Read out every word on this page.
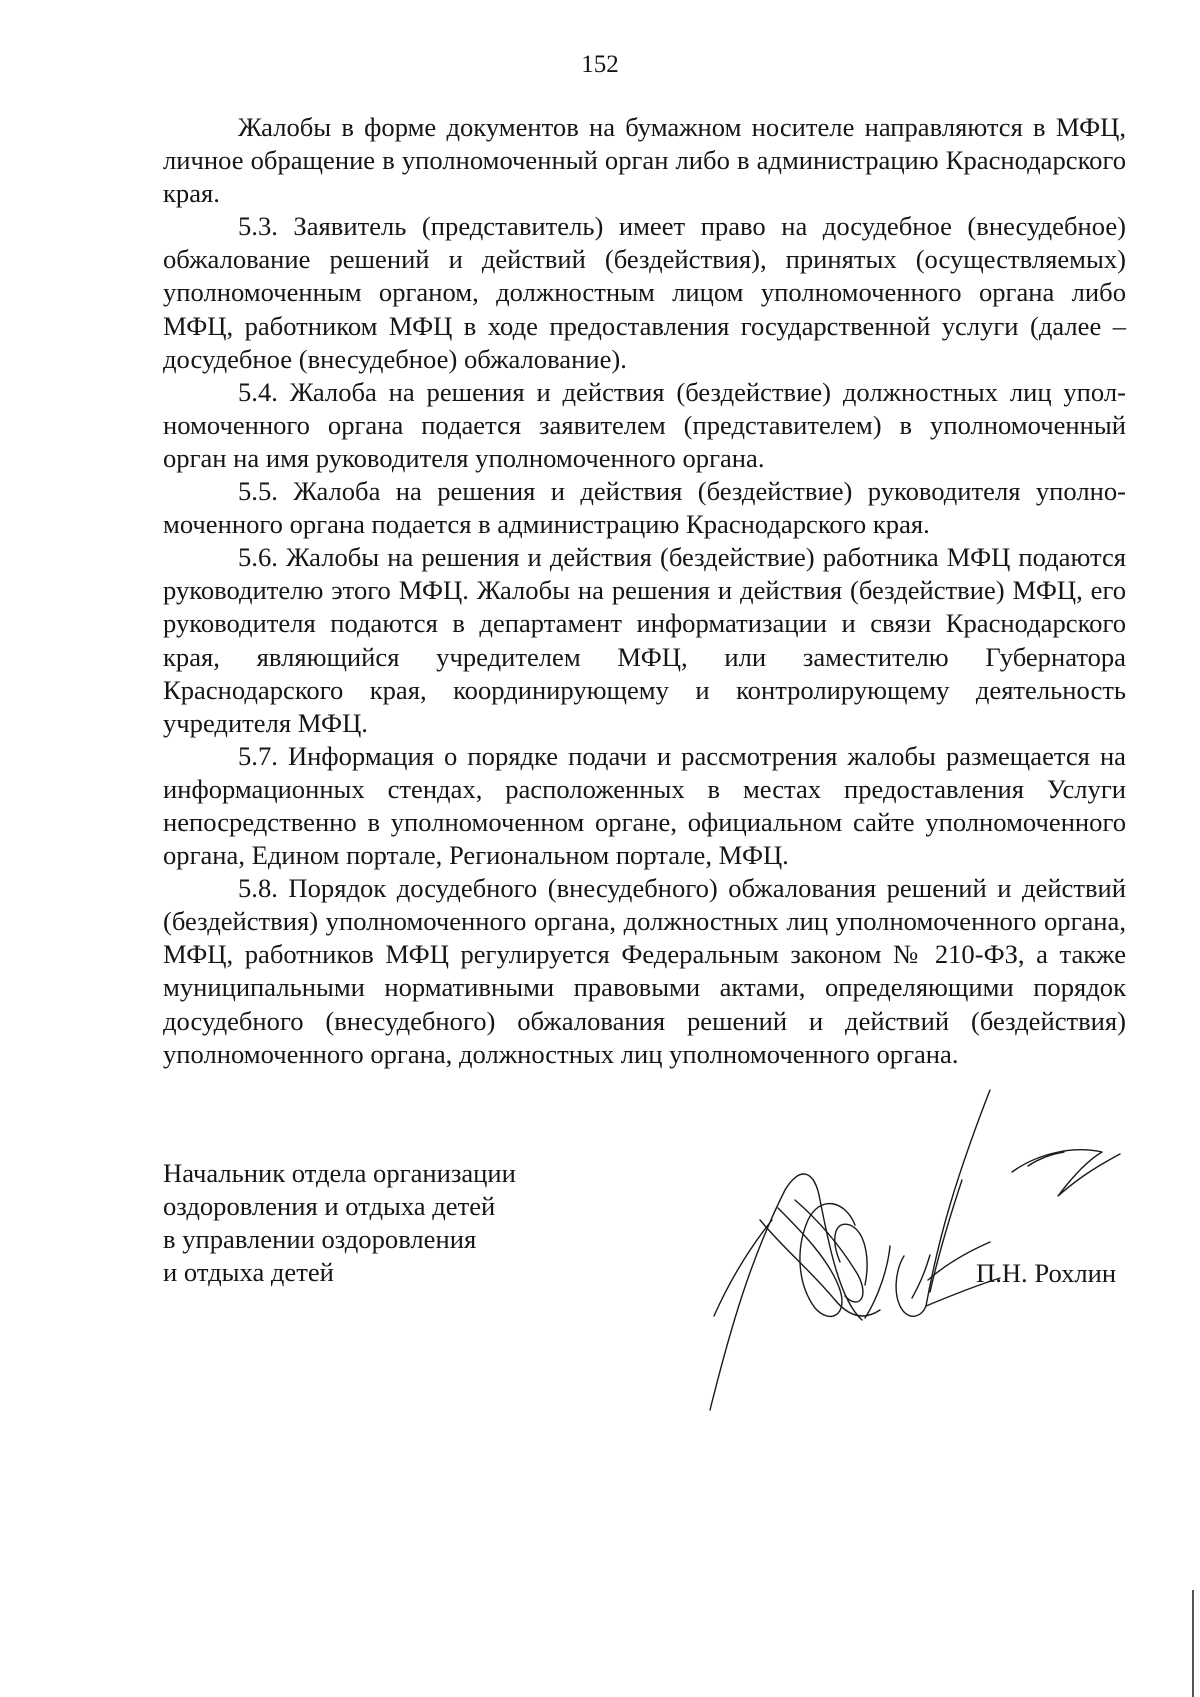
152

Жалобы в форме документов на бумажном носителе направляются в МФЦ, личное обращение в уполномоченный орган либо в администрацию Краснодарского края.

5.3. Заявитель (представитель) имеет право на досудебное (внесудебное) обжалование решений и действий (бездействия), принятых (осуществляемых) уполномоченным органом, должностным лицом уполномоченного органа либо МФЦ, работником МФЦ в ходе предоставления государственной услуги (далее – досудебное (внесудебное) обжалование).

5.4. Жалоба на решения и действия (бездействие) должностных лиц уполномоченного органа подается заявителем (представителем) в уполномоченный орган на имя руководителя уполномоченного органа.

5.5. Жалоба на решения и действия (бездействие) руководителя уполномоченного органа подается в администрацию Краснодарского края.

5.6. Жалобы на решения и действия (бездействие) работника МФЦ подаются руководителю этого МФЦ. Жалобы на решения и действия (бездействие) МФЦ, его руководителя подаются в департамент информатизации и связи Краснодарского края, являющийся учредителем МФЦ, или заместителю Губернатора Краснодарского края, координирующему и контролирующему деятельность учредителя МФЦ.

5.7. Информация о порядке подачи и рассмотрения жалобы размещается на информационных стендах, расположенных в местах предоставления Услуги непосредственно в уполномоченном органе, официальном сайте уполномоченного органа, Едином портале, Региональном портале, МФЦ.

5.8. Порядок досудебного (внесудебного) обжалования решений и действий (бездействия) уполномоченного органа, должностных лиц уполномоченного органа, МФЦ, работников МФЦ регулируется Федеральным законом № 210-ФЗ, а также муниципальными нормативными правовыми актами, определяющими порядок досудебного (внесудебного) обжалования решений и действий (бездействия) уполномоченного органа, должностных лиц уполномоченного органа.

Начальник отдела организации
оздоровления и отдыха детей
в управлении оздоровления
и отдыха детей	П.Н. Рохлин
